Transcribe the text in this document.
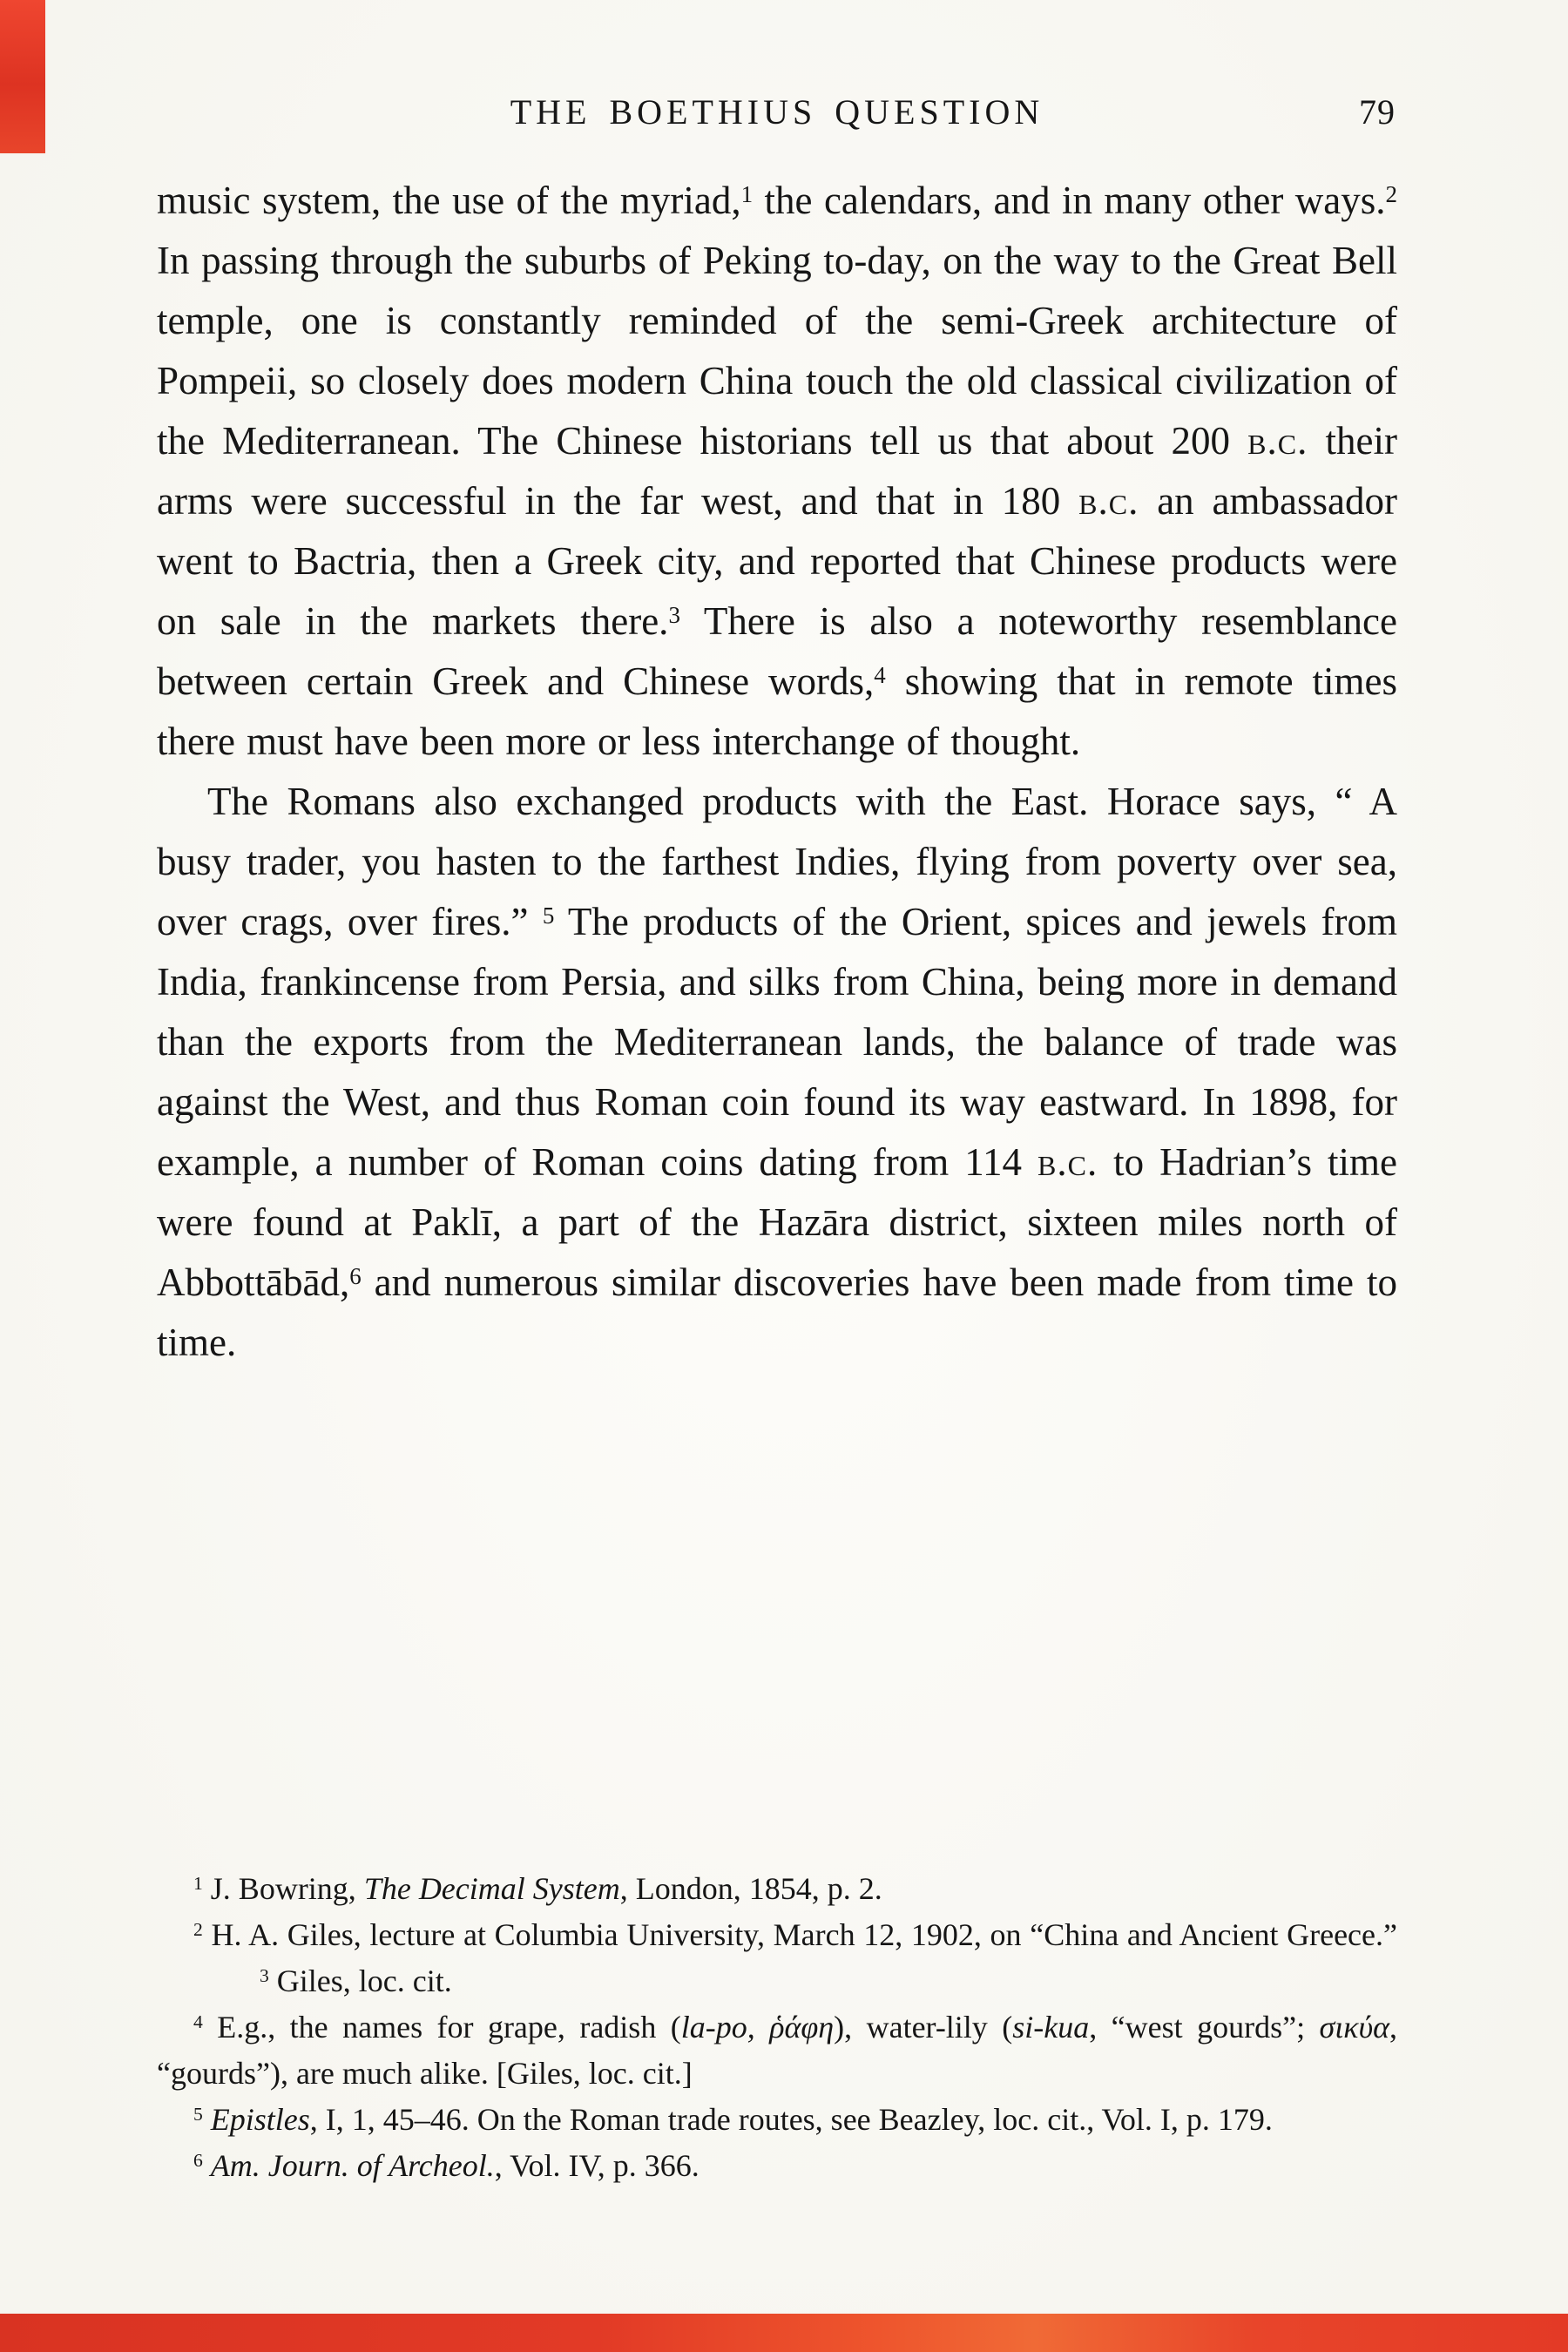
THE BOETHIUS QUESTION	79

music system, the use of the myriad,$^1$ the calendars, and in many other ways.$^2$ In passing through the suburbs of Peking to-day, on the way to the Great Bell temple, one is constantly reminded of the semi-Greek architecture of Pompeii, so closely does modern China touch the old classical civilization of the Mediterranean. The Chinese historians tell us that about 200 b.c. their arms were successful in the far west, and that in 180 b.c. an ambassador went to Bactria, then a Greek city, and reported that Chinese products were on sale in the markets there.$^3$ There is also a noteworthy resemblance between certain Greek and Chinese words,$^4$ showing that in remote times there must have been more or less interchange of thought.

The Romans also exchanged products with the East. Horace says, “ A busy trader, you hasten to the farthest Indies, flying from poverty over sea, over crags, over fires.” $^5$ The products of the Orient, spices and jewels from India, frankincense from Persia, and silks from China, being more in demand than the exports from the Mediterranean lands, the balance of trade was against the West, and thus Roman coin found its way eastward. In 1898, for example, a number of Roman coins dating from 114 b.c. to Hadrian’s time were found at Paklī, a part of the Hazāra district, sixteen miles north of Abbottābād,$^6$ and numerous similar discoveries have been made from time to time.

$^1$ J. Bowring, The Decimal System, London, 1854, p. 2.

$^2$ H. A. Giles, lecture at Columbia University, March 12, 1902, on “China and Ancient Greece.” $^3$ Giles, loc. cit.

$^4$ E.g., the names for grape, radish (la-po, ῥάφη), water-lily (si-kua, “west gourds”; σικύα, “gourds”), are much alike. [Giles, loc. cit.]

$^5$ Epistles, I, 1, 45–46. On the Roman trade routes, see Beazley, loc. cit., Vol. I, p. 179.

$^6$ Am. Journ. of Archeol., Vol. IV, p. 366.
